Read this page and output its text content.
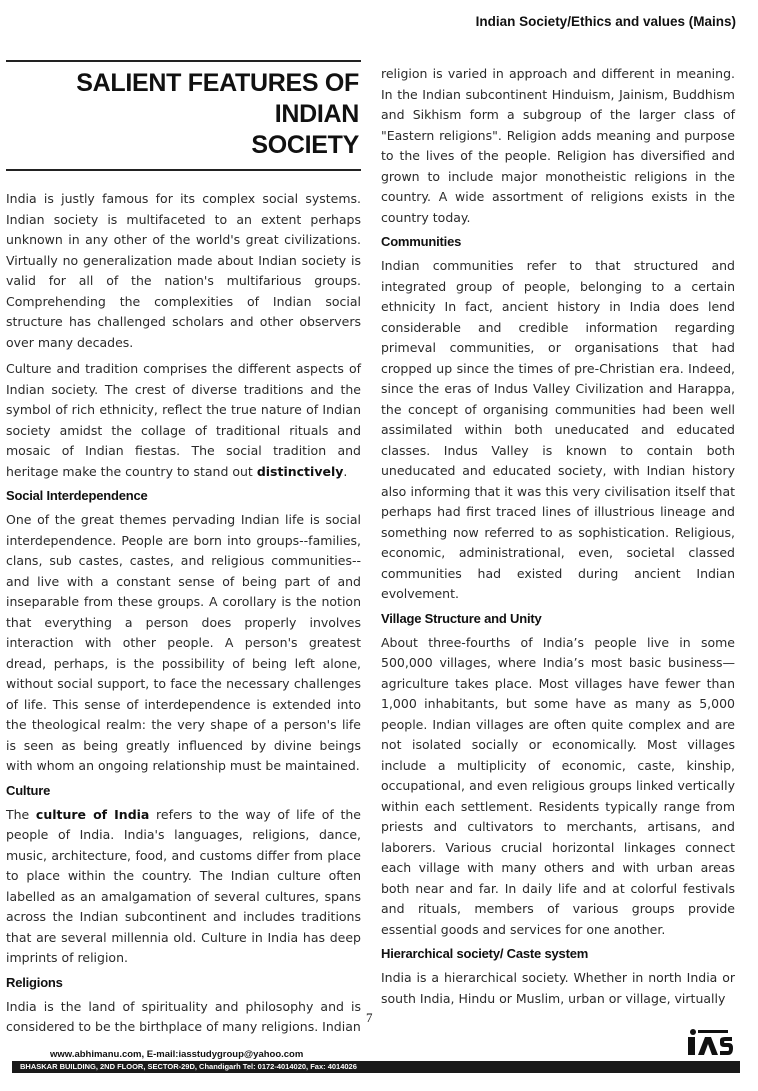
Indian Society/Ethics and values (Mains)
SALIENT FEATURES OF INDIAN
SOCIETY

India is justly famous for its complex social systems. Indian society is multifaceted to an extent perhaps unknown in any other of the world's great civilizations. Virtually no generalization made about Indian society is valid for all of the nation's multifarious groups. Comprehending the complexities of Indian social structure has challenged scholars and other observers over many decades.

Culture and tradition comprises the different aspects of Indian society. The crest of diverse traditions and the symbol of rich ethnicity, reflect the true nature of Indian society amidst the collage of traditional rituals and mosaic of Indian fiestas. The social tradition and heritage make the country to stand out distinctively.

Social Interdependence

One of the great themes pervading Indian life is social interdependence. People are born into groups--families, clans, sub castes, castes, and religious communities--and live with a constant sense of being part of and inseparable from these groups. A corollary is the notion that everything a person does properly involves interaction with other people. A person's greatest dread, perhaps, is the possibility of being left alone, without social support, to face the necessary challenges of life. This sense of interdependence is extended into the theological realm: the very shape of a person's life is seen as being greatly influenced by divine beings with whom an ongoing relationship must be maintained.

Culture

The culture of India refers to the way of life of the people of India. India's languages, religions, dance, music, architecture, food, and customs differ from place to place within the country. The Indian culture often labelled as an amalgamation of several cultures, spans across the Indian subcontinent and includes traditions that are several millennia old. Culture in India has deep imprints of religion.

Religions

India is the land of spirituality and philosophy and is considered to be the birthplace of many religions. Indian

religion is varied in approach and different in meaning. In the Indian subcontinent Hinduism, Jainism, Buddhism and Sikhism form a subgroup of the larger class of "Eastern religions". Religion adds meaning and purpose to the lives of the people. Religion has diversified and grown to include major monotheistic religions in the country. A wide assortment of religions exists in the country today.

Communities

Indian communities refer to that structured and integrated group of people, belonging to a certain ethnicity In fact, ancient history in India does lend considerable and credible information regarding primeval communities, or organisations that had cropped up since the times of pre-Christian era. Indeed, since the eras of Indus Valley Civilization and Harappa, the concept of organising communities had been well assimilated within both uneducated and educated classes. Indus Valley is known to contain both uneducated and educated society, with Indian history also informing that it was this very civilisation itself that perhaps had first traced lines of illustrious lineage and something now referred to as sophistication. Religious, economic, administrational, even, societal classed communities had existed during ancient Indian evolvement.

Village Structure and Unity

About three-fourths of India’s people live in some 500,000 villages, where India’s most basic business—agriculture takes place. Most villages have fewer than 1,000 inhabitants, but some have as many as 5,000 people. Indian villages are often quite complex and are not isolated socially or economically. Most villages include a multiplicity of economic, caste, kinship, occupational, and even religious groups linked vertically within each settlement. Residents typically range from priests and cultivators to merchants, artisans, and laborers. Various crucial horizontal linkages connect each village with many others and with urban areas both near and far. In daily life and at colorful festivals and rituals, members of various groups provide essential goods and services for one another.

Hierarchical society/ Caste system

India is a hierarchical society. Whether in north India or south India, Hindu or Muslim, urban or village, virtually

7
www.abhimanu.com, E-mail:iasstudygroup@yahoo.com
BHASKAR BUILDING, 2ND FLOOR, SECTOR-29D, Chandigarh Tel: 0172-4014020, Fax: 4014026
